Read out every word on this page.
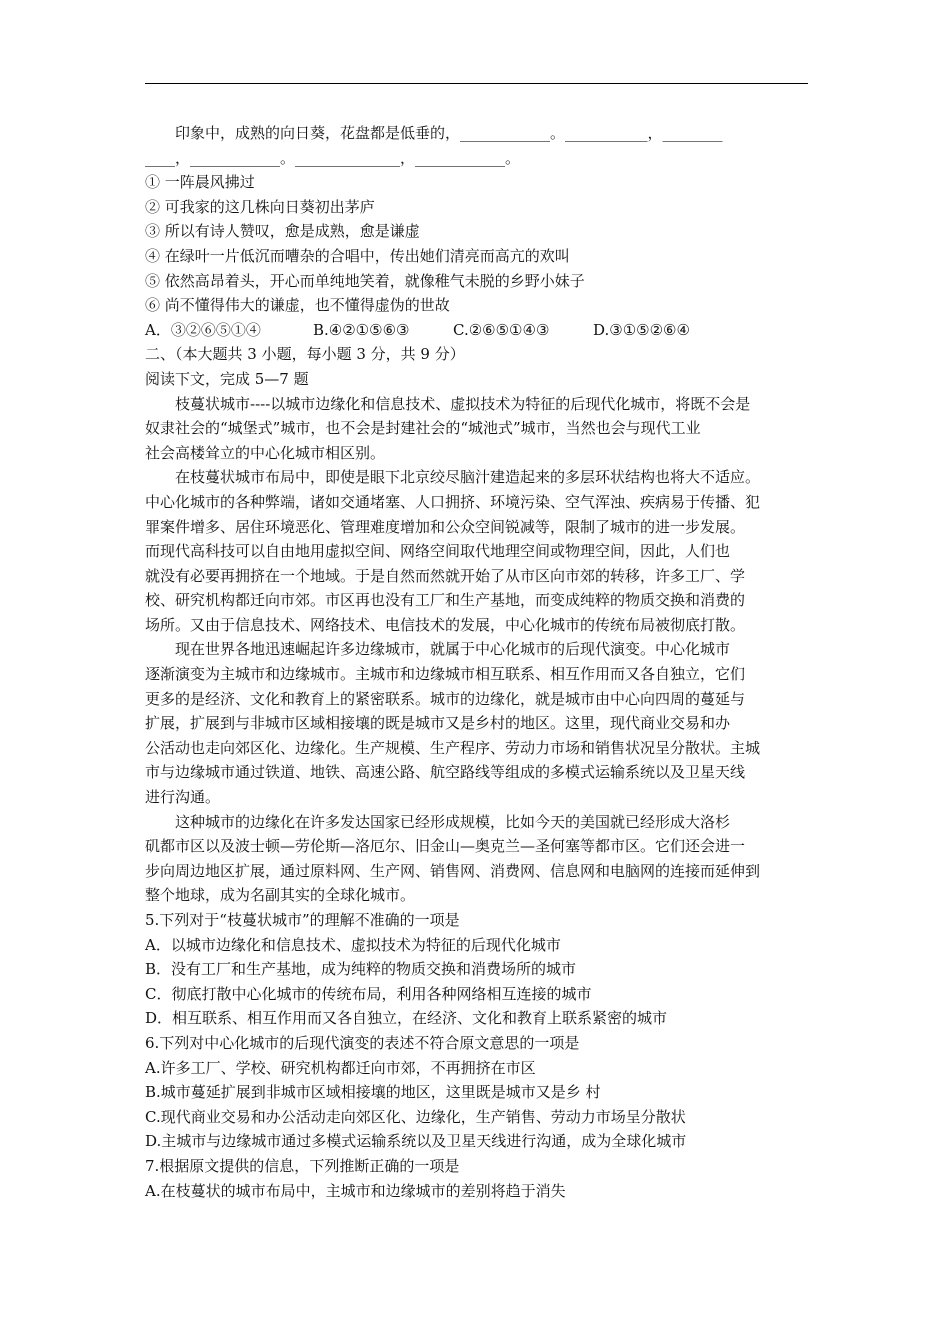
印象中，成熟的向日葵，花盘都是低垂的，____________。___________，________
____，____________。______________，____________。
① 一阵晨风拂过
② 可我家的这几株向日葵初出茅庐
③ 所以有诗人赞叹，愈是成熟，愈是谦虚
④ 在绿叶一片低沉而嘈杂的合唱中，传出她们清亮而高亢的欢叫
⑤ 依然高昂着头，开心而单纯地笑着，就像稚气未脱的乡野小妹子
⑥ 尚不懂得伟大的谦虚，也不懂得虚伪的世故
A．③②⑥⑤①④	B.④②①⑤⑥③	C.②⑥⑤①④③	D.③①⑤②⑥④
二、（本大题共 3 小题，每小题 3 分，共 9 分）
阅读下文，完成 5—7 题
枝蔓状城市----以城市边缘化和信息技术、虚拟技术为特征的后现代化城市，将既不会是
奴隶社会的“城堡式”城市，也不会是封建社会的“城池式”城市，当然也会与现代工业
社会高楼耸立的中心化城市相区别。
在枝蔓状城市布局中，即使是眼下北京绞尽脑汁建造起来的多层环状结构也将大不适应。
中心化城市的各种弊端，诸如交通堵塞、人口拥挤、环境污染、空气浑浊、疾病易于传播、犯
罪案件增多、居住环境恶化、管理难度增加和公众空间锐减等，限制了城市的进一步发展。
而现代高科技可以自由地用虚拟空间、网络空间取代地理空间或物理空间，因此，人们也
就没有必要再拥挤在一个地域。于是自然而然就开始了从市区向市郊的转移，许多工厂、学
校、研究机构都迁向市郊。市区再也没有工厂和生产基地，而变成纯粹的物质交换和消费的
场所。又由于信息技术、网络技术、电信技术的发展，中心化城市的传统布局被彻底打散。
现在世界各地迅速崛起许多边缘城市，就属于中心化城市的后现代演变。中心化城市
逐渐演变为主城市和边缘城市。主城市和边缘城市相互联系、相互作用而又各自独立，它们
更多的是经济、文化和教育上的紧密联系。城市的边缘化，就是城市由中心向四周的蔓延与
扩展，扩展到与非城市区域相接壤的既是城市又是乡村的地区。这里，现代商业交易和办
公活动也走向郊区化、边缘化。生产规模、生产程序、劳动力市场和销售状况呈分散状。主城
市与边缘城市通过铁道、地铁、高速公路、航空路线等组成的多模式运输系统以及卫星天线
进行沟通。
这种城市的边缘化在许多发达国家已经形成规模，比如今天的美国就已经形成大洛杉
矶都市区以及波士顿—劳伦斯—洛厄尔、旧金山—奥克兰—圣何塞等都市区。它们还会进一
步向周边地区扩展，通过原料网、生产网、销售网、消费网、信息网和电脑网的连接而延伸到
整个地球，成为名副其实的全球化城市。
5.下列对于“枝蔓状城市”的理解不准确的一项是
A．以城市边缘化和信息技术、虚拟技术为特征的后现代化城市
B．没有工厂和生产基地，成为纯粹的物质交换和消费场所的城市
C．彻底打散中心化城市的传统布局，利用各种网络相互连接的城市
D．相互联系、相互作用而又各自独立，在经济、文化和教育上联系紧密的城市
6.下列对中心化城市的后现代演变的表述不符合原文意思的一项是
A.许多工厂、学校、研究机构都迁向市郊，不再拥挤在市区
B.城市蔓延扩展到非城市区域相接壤的地区，这里既是城市又是乡 村
C.现代商业交易和办公活动走向郊区化、边缘化，生产销售、劳动力市场呈分散状
D.主城市与边缘城市通过多模式运输系统以及卫星天线进行沟通，成为全球化城市
7.根据原文提供的信息，下列推断正确的一项是
A.在枝蔓状的城市布局中，主城市和边缘城市的差别将趋于消失
